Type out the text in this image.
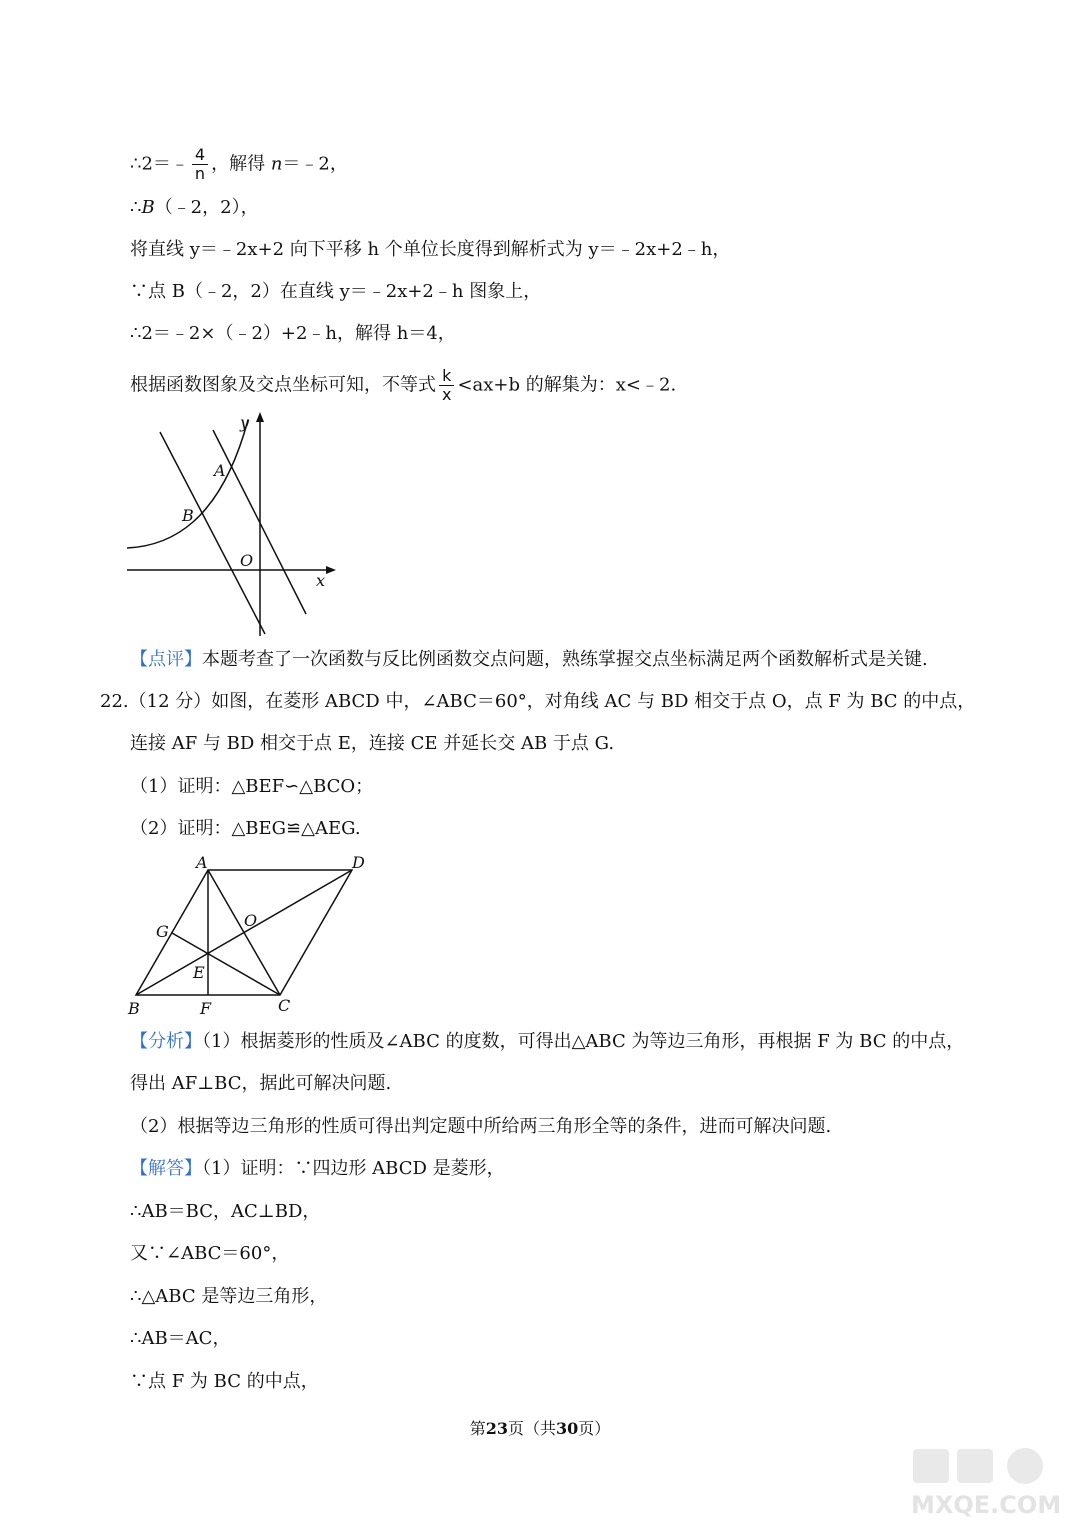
∴2＝﹣ $\frac{4}{n}$ ，解得 n＝﹣2，
∴B（﹣2，2），
将直线 y＝﹣2x+2 向下平移 h 个单位长度得到解析式为 y＝﹣2x+2﹣h，
∵点 B（﹣2，2）在直线 y＝﹣2x+2﹣h 图象上，
∴2＝﹣2×（﹣2）+2﹣h，解得 h＝4，
根据函数图象及交点坐标可知，不等式 $\frac{k}{x} <ax+b$ 的解集为：x<﹣2.
y
A
B
O
x
【点评】本题考查了一次函数与反比例函数交点问题，熟练掌握交点坐标满足两个函数解析式是关键.
22.（12 分）如图，在菱形 ABCD 中，∠ABC＝60°，对角线 AC 与 BD 相交于点 O，点 F 为 BC 的中点，
连接 AF 与 BD 相交于点 E，连接 CE 并延长交 AB 于点 G.
（1）证明：△BEF∽△BCO；
（2）证明：△BEG≌△AEG.
A	D
G
O
E
B	F	C
【分析】（1）根据菱形的性质及∠ABC 的度数，可得出△ABC 为等边三角形，再根据 F 为 BC 的中点，
得出 AF⊥BC，据此可解决问题.
（2）根据等边三角形的性质可得出判定题中所给两三角形全等的条件，进而可解决问题.
【解答】（1）证明：∵四边形 ABCD 是菱形，
∴AB＝BC，AC⊥BD，
又∵∠ABC＝60°，
∴△ABC 是等边三角形，
∴AB＝AC，
∵点 F 为 BC 的中点，
第23页（共30页）
MXQE.COM
